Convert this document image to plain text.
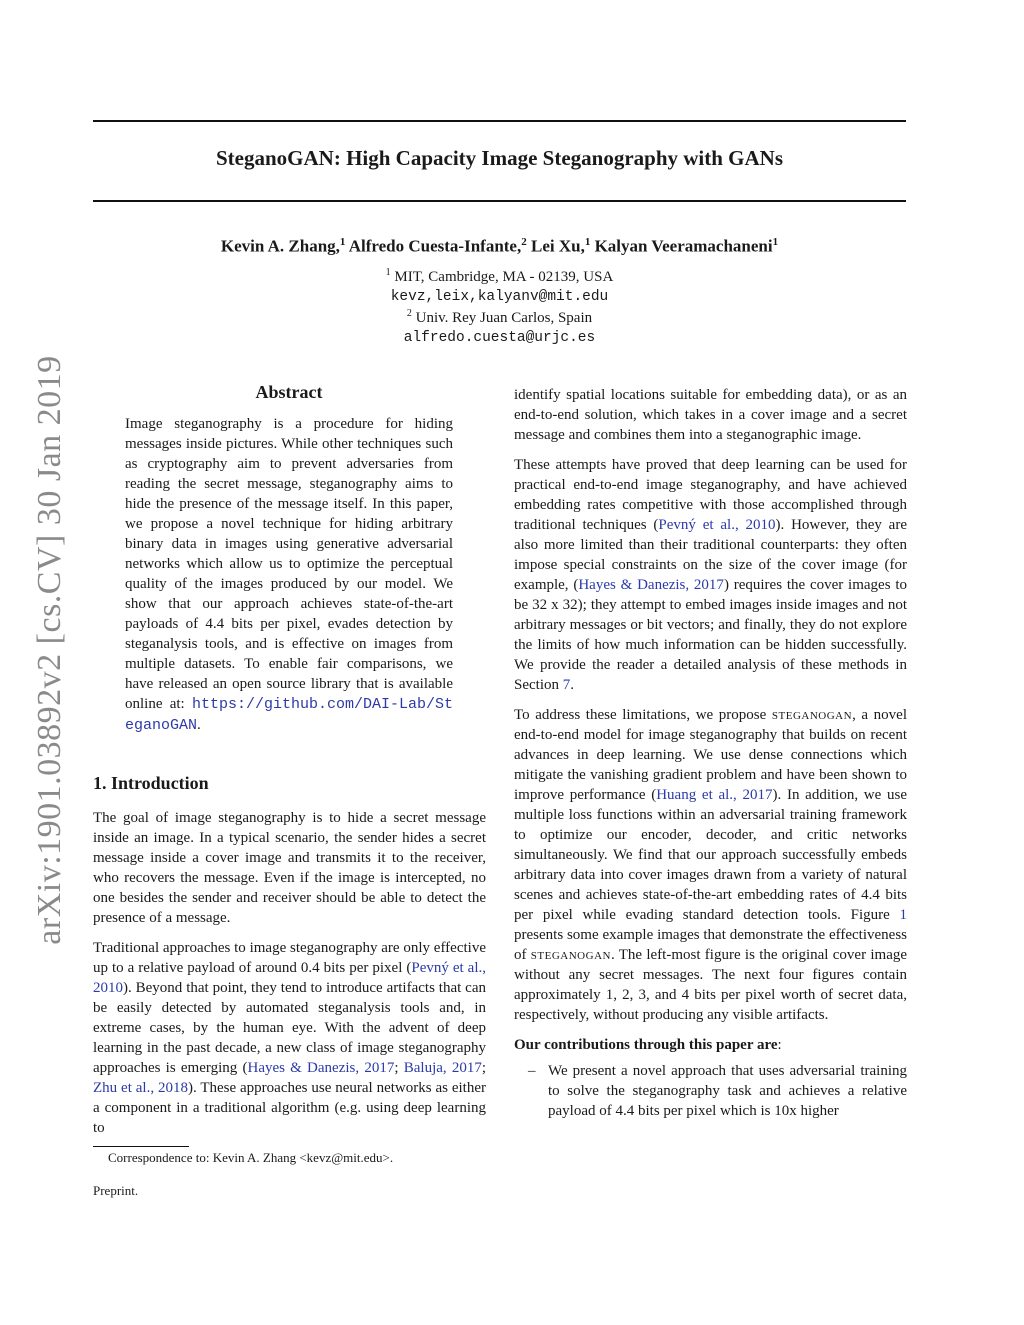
arXiv:1901.03892v2 [cs.CV] 30 Jan 2019
SteganoGAN: High Capacity Image Steganography with GANs
Kevin A. Zhang,$^1$ Alfredo Cuesta-Infante,$^2$ Lei Xu,$^1$ Kalyan Veeramachaneni$^1$
$^1$ MIT, Cambridge, MA - 02139, USA
kevz,leix,kalyanv@mit.edu
$^2$ Univ. Rey Juan Carlos, Spain
alfredo.cuesta@urjc.es
Abstract

Image steganography is a procedure for hiding messages inside pictures. While other techniques such as cryptography aim to prevent adversaries from reading the secret message, steganography aims to hide the presence of the message itself. In this paper, we propose a novel technique for hiding arbitrary binary data in images using generative adversarial networks which allow us to optimize the perceptual quality of the images produced by our model. We show that our approach achieves state-of-the-art payloads of 4.4 bits per pixel, evades detection by steganalysis tools, and is effective on images from multiple datasets. To enable fair comparisons, we have released an open source library that is available online at: https://github.com/DAI-Lab/SteganoGAN.

1. Introduction

The goal of image steganography is to hide a secret message inside an image. In a typical scenario, the sender hides a secret message inside a cover image and transmits it to the receiver, who recovers the message. Even if the image is intercepted, no one besides the sender and receiver should be able to detect the presence of a message.

Traditional approaches to image steganography are only effective up to a relative payload of around 0.4 bits per pixel (Pevný et al., 2010). Beyond that point, they tend to introduce artifacts that can be easily detected by automated steganalysis tools and, in extreme cases, by the human eye. With the advent of deep learning in the past decade, a new class of image steganography approaches is emerging (Hayes & Danezis, 2017; Baluja, 2017; Zhu et al., 2018). These approaches use neural networks as either a component in a traditional algorithm (e.g. using deep learning to

identify spatial locations suitable for embedding data), or as an end-to-end solution, which takes in a cover image and a secret message and combines them into a steganographic image.

These attempts have proved that deep learning can be used for practical end-to-end image steganography, and have achieved embedding rates competitive with those accomplished through traditional techniques (Pevný et al., 2010). However, they are also more limited than their traditional counterparts: they often impose special constraints on the size of the cover image (for example, (Hayes & Danezis, 2017) requires the cover images to be 32 x 32); they attempt to embed images inside images and not arbitrary messages or bit vectors; and finally, they do not explore the limits of how much information can be hidden successfully. We provide the reader a detailed analysis of these methods in Section 7.

To address these limitations, we propose steganogan, a novel end-to-end model for image steganography that builds on recent advances in deep learning. We use dense connections which mitigate the vanishing gradient problem and have been shown to improve performance (Huang et al., 2017). In addition, we use multiple loss functions within an adversarial training framework to optimize our encoder, decoder, and critic networks simultaneously. We find that our approach successfully embeds arbitrary data into cover images drawn from a variety of natural scenes and achieves state-of-the-art embedding rates of 4.4 bits per pixel while evading standard detection tools. Figure 1 presents some example images that demonstrate the effectiveness of steganogan. The left-most figure is the original cover image without any secret messages. The next four figures contain approximately 1, 2, 3, and 4 bits per pixel worth of secret data, respectively, without producing any visible artifacts.

Our contributions through this paper are:

– We present a novel approach that uses adversarial training to solve the steganography task and achieves a relative payload of 4.4 bits per pixel which is 10x higher

Correspondence to: Kevin A. Zhang <kevz@mit.edu>.
Preprint.
